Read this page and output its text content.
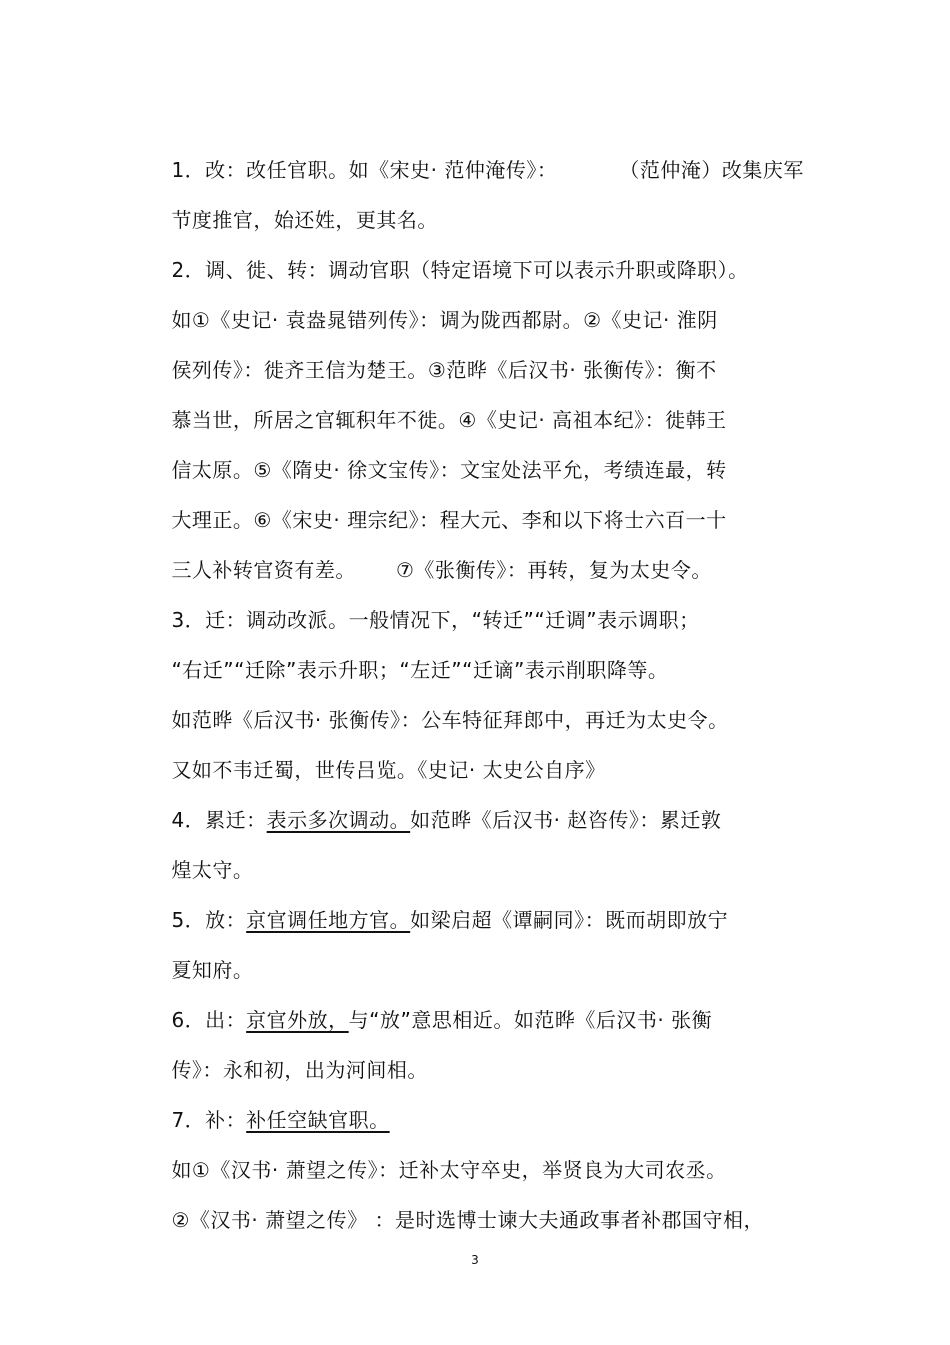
1．改：改任官职。如《宋史· 范仲淹传》：	（范仲淹）改集庆军

节度推官，始还姓，更其名。

2．调、徙、转：调动官职（特定语境下可以表示升职或降职）。

如①《史记· 袁盎晁错列传》：调为陇西都尉。②《史记· 淮阴

侯列传》：徙齐王信为楚王。③范晔《后汉书· 张衡传》：衡不

慕当世，所居之官辄积年不徙。④《史记· 高祖本纪》：徙韩王

信太原。⑤《隋史· 徐文宝传》：文宝处法平允，考绩连最，转

大理正。⑥《宋史· 理宗纪》：程大元、李和以下将士六百一十

三人补转官资有差。 ⑦《张衡传》：再转，复为太史令。

3．迁：调动改派。一般情况下，“转迁”“迁调”表示调职；

“右迁”“迁除”表示升职；“左迁”“迁谪”表示削职降等。

如范晔《后汉书· 张衡传》：公车特征拜郎中，再迁为太史令。

又如不韦迁蜀，世传吕览。《史记· 太史公自序》

4．累迁：表示多次调动。如范晔《后汉书· 赵咨传》：累迁敦

煌太守。

5．放：京官调任地方官。如梁启超《谭嗣同》：既而胡即放宁

夏知府。

6．出：京官外放，与“放”意思相近。如范晔《后汉书· 张衡

传》：永和初，出为河间相。

7．补：补任空缺官职。

如①《汉书· 萧望之传》：迁补太守卒史，举贤良为大司农丞。

②《汉书· 萧望之传》 ：是时选博士谏大夫通政事者补郡国守相，

3
